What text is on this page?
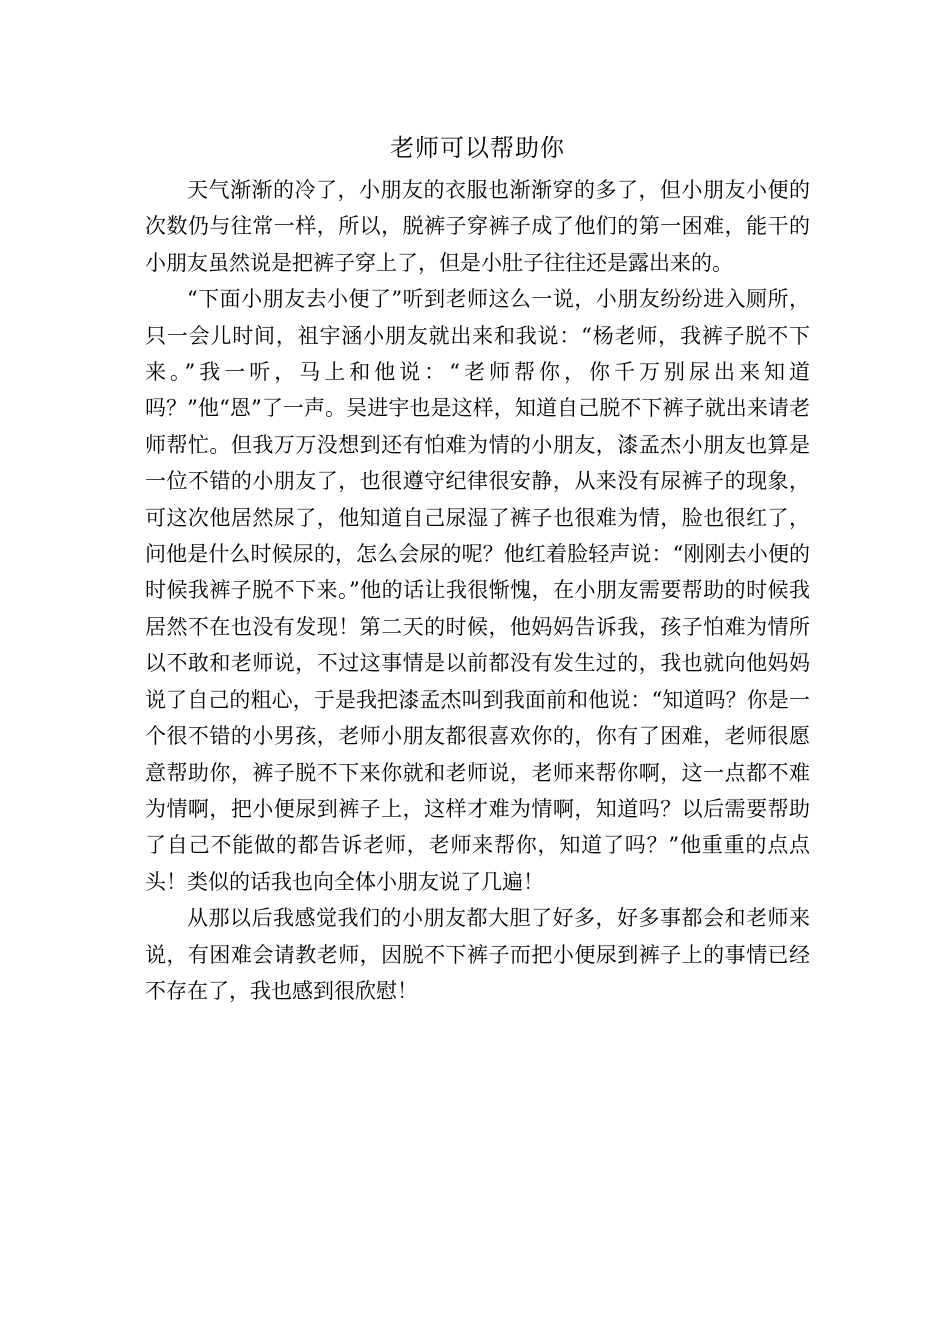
老师可以帮助你

天气渐渐的冷了，小朋友的衣服也渐渐穿的多了，但小朋友小便的次数仍与往常一样，所以，脱裤子穿裤子成了他们的第一困难，能干的小朋友虽然说是把裤子穿上了，但是小肚子往往还是露出来的。

“下面小朋友去小便了”听到老师这么一说，小朋友纷纷进入厕所，只一会儿时间，祖宇涵小朋友就出来和我说：“杨老师，我裤子脱不下来。”我一听，马上和他说：“老师帮你，你千万别尿出来知道吗？”他“恩”了一声。吴进宇也是这样，知道自己脱不下裤子就出来请老师帮忙。但我万万没想到还有怕难为情的小朋友，漆孟杰小朋友也算是一位不错的小朋友了，也很遵守纪律很安静，从来没有尿裤子的现象，可这次他居然尿了，他知道自己尿湿了裤子也很难为情，脸也很红了，问他是什么时候尿的，怎么会尿的呢？他红着脸轻声说：“刚刚去小便的时候我裤子脱不下来。”他的话让我很惭愧，在小朋友需要帮助的时候我居然不在也没有发现！第二天的时候，他妈妈告诉我，孩子怕难为情所以不敢和老师说，不过这事情是以前都没有发生过的，我也就向他妈妈说了自己的粗心，于是我把漆孟杰叫到我面前和他说：“知道吗？你是一个很不错的小男孩，老师小朋友都很喜欢你的，你有了困难，老师很愿意帮助你，裤子脱不下来你就和老师说，老师来帮你啊，这一点都不难为情啊，把小便尿到裤子上，这样才难为情啊，知道吗？以后需要帮助了自己不能做的都告诉老师，老师来帮你，知道了吗？”他重重的点点头！类似的话我也向全体小朋友说了几遍！

从那以后我感觉我们的小朋友都大胆了好多，好多事都会和老师来说，有困难会请教老师，因脱不下裤子而把小便尿到裤子上的事情已经不存在了，我也感到很欣慰！
